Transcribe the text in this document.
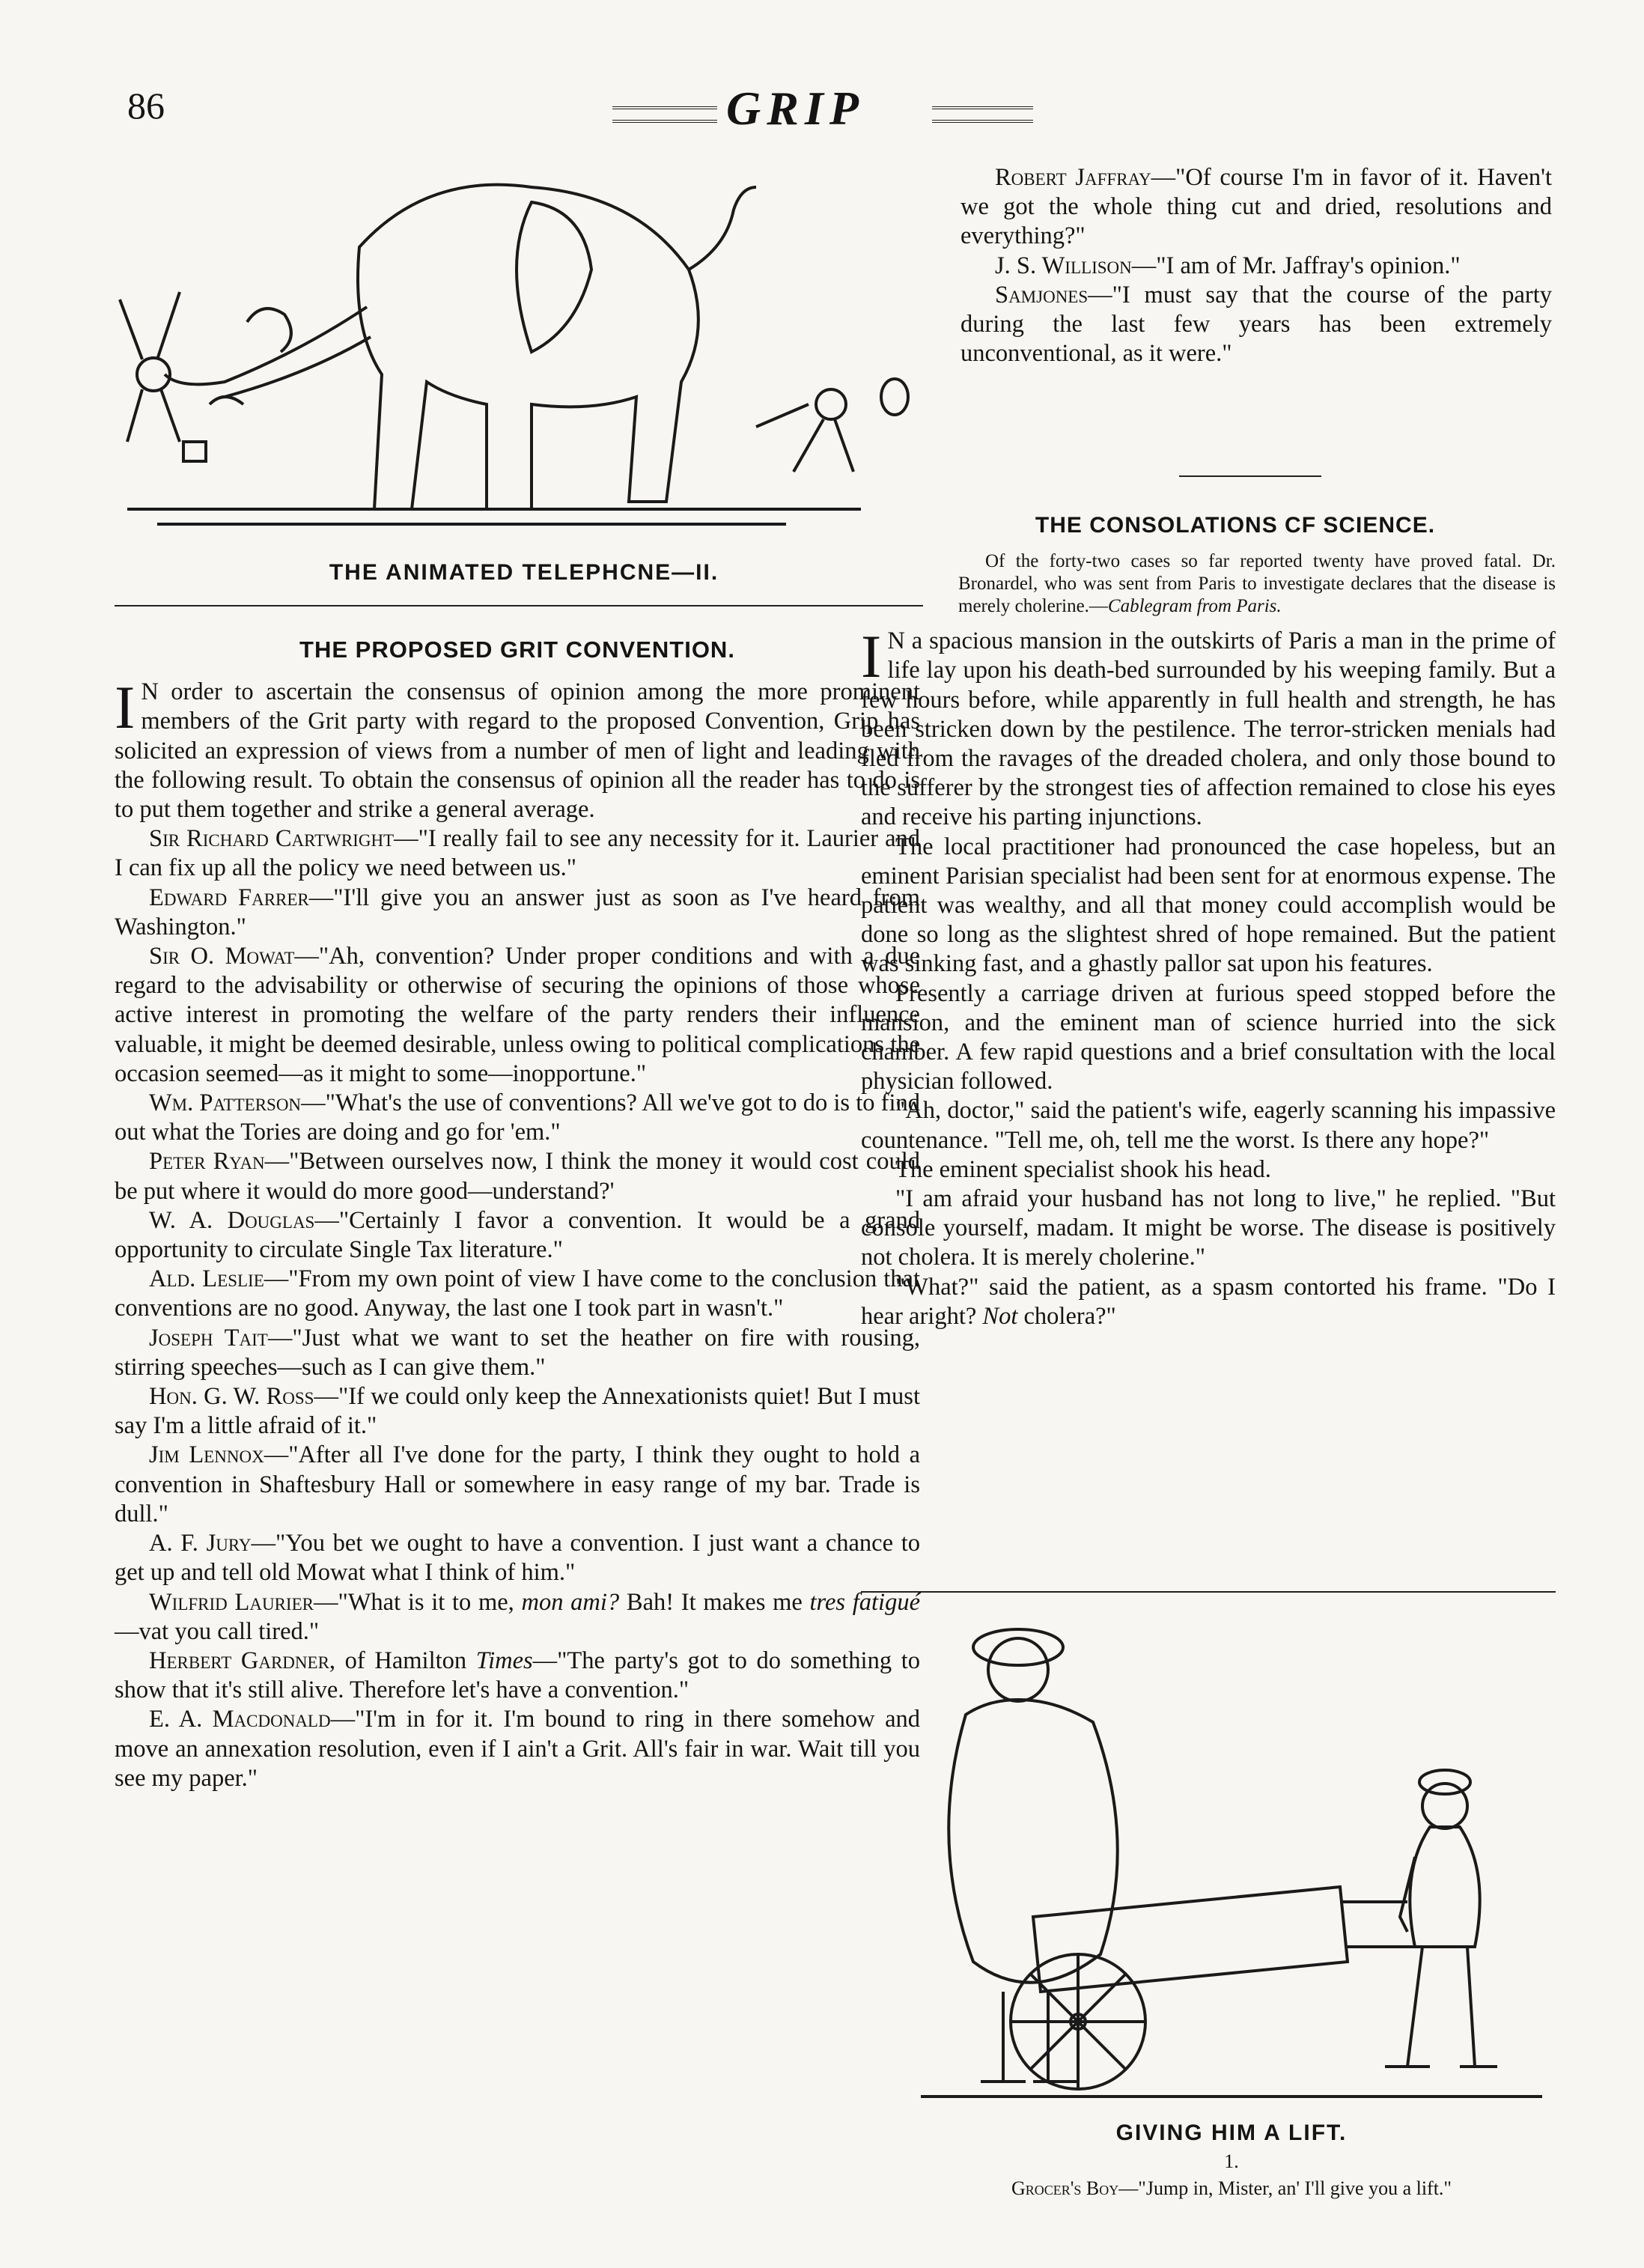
86	GRIP
THE ANIMATED TELEPHCNE—II.
THE PROPOSED GRIT CONVENTION.

I N order to ascertain the consensus of opinion among the more prominent members of the Grit party with regard to the proposed Convention, Grip has solicited an expression of views from a number of men of light and leading with the following result. To obtain the consensus of opinion all the reader has to do is to put them together and strike a general average.

Sir Richard Cartwright—"I really fail to see any necessity for it. Laurier and I can fix up all the policy we need between us."

Edward Farrer—"I'll give you an answer just as soon as I've heard from Washington."

Sir O. Mowat—"Ah, convention? Under proper conditions and with a due regard to the advisability or otherwise of securing the opinions of those whose active interest in promoting the welfare of the party renders their influence valuable, it might be deemed desirable, unless owing to political complications the occasion seemed—as it might to some—inopportune."

Wm. Patterson—"What's the use of conventions? All we've got to do is to find out what the Tories are doing and go for 'em."

Peter Ryan—"Between ourselves now, I think the money it would cost could be put where it would do more good—understand?'

W. A. Douglas—"Certainly I favor a convention. It would be a grand opportunity to circulate Single Tax literature."

Ald. Leslie—"From my own point of view I have come to the conclusion that conventions are no good. Anyway, the last one I took part in wasn't."

Joseph Tait—"Just what we want to set the heather on fire with rousing, stirring speeches—such as I can give them."

Hon. G. W. Ross—"If we could only keep the Annexationists quiet! But I must say I'm a little afraid of it."

Jim Lennox—"After all I've done for the party, I think they ought to hold a convention in Shaftesbury Hall or somewhere in easy range of my bar. Trade is dull."

A. F. Jury—"You bet we ought to have a convention. I just want a chance to get up and tell old Mowat what I think of him."

Wilfrid Laurier—"What is it to me, mon ami? Bah! It makes me tres fatigué—vat you call tired."

Herbert Gardner, of Hamilton Times—"The party's got to do something to show that it's still alive. Therefore let's have a convention."

E. A. Macdonald—"I'm in for it. I'm bound to ring in there somehow and move an annexation resolution, even if I ain't a Grit. All's fair in war. Wait till you see my paper."

Robert Jaffray—"Of course I'm in favor of it. Haven't we got the whole thing cut and dried, resolutions and everything?"

J. S. Willison—"I am of Mr. Jaffray's opinion."

Samjones—"I must say that the course of the party during the last few years has been extremely unconventional, as it were."

THE CONSOLATIONS CF SCIENCE.

Of the forty-two cases so far reported twenty have proved fatal. Dr. Bronardel, who was sent from Paris to investigate declares that the disease is merely cholerine.—Cablegram from Paris.

I N a spacious mansion in the outskirts of Paris a man in the prime of life lay upon his death-bed surrounded by his weeping family. But a few hours before, while apparently in full health and strength, he has been stricken down by the pestilence. The terror-stricken menials had fled from the ravages of the dreaded cholera, and only those bound to the sufferer by the strongest ties of affection remained to close his eyes and receive his parting injunctions.

The local practitioner had pronounced the case hopeless, but an eminent Parisian specialist had been sent for at enormous expense. The patient was wealthy, and all that money could accomplish would be done so long as the slightest shred of hope remained. But the patient was sinking fast, and a ghastly pallor sat upon his features.

Presently a carriage driven at furious speed stopped before the mansion, and the eminent man of science hurried into the sick chamber. A few rapid questions and a brief consultation with the local physician followed.

"Ah, doctor," said the patient's wife, eagerly scanning his impassive countenance. "Tell me, oh, tell me the worst. Is there any hope?"

The eminent specialist shook his head.

"I am afraid your husband has not long to live," he replied. "But console yourself, madam. It might be worse. The disease is positively not cholera. It is merely cholerine."

"What?" said the patient, as a spasm contorted his frame. "Do I hear aright? Not cholera?"

GIVING HIM A LIFT.
1.
Grocer's Boy—"Jump in, Mister, an' I'll give you a lift."
